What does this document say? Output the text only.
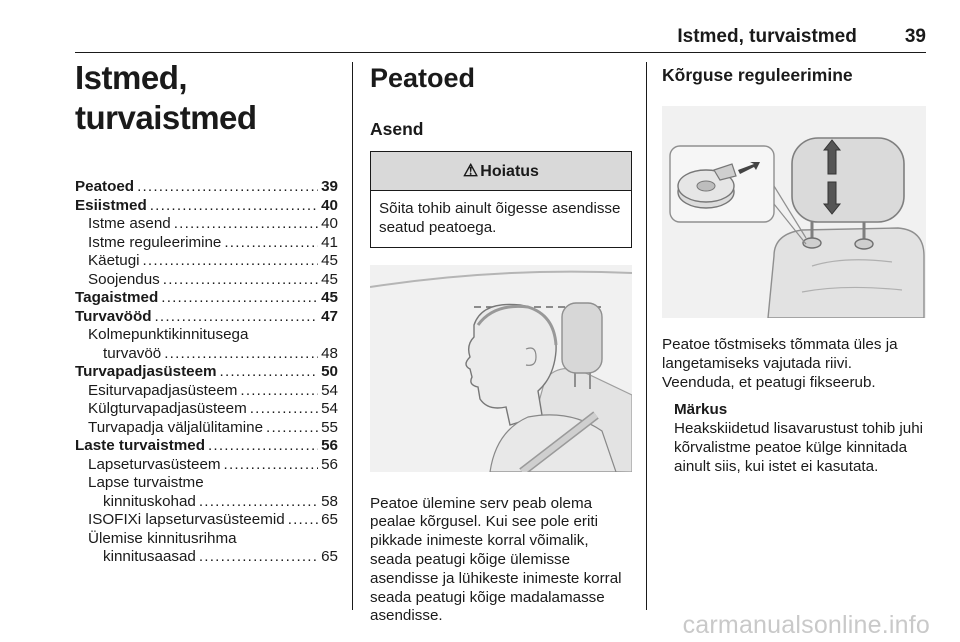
Istmed, turvaistmed	39
Istmed, turvaistmed
Peatoed .....	39
Esiistmed .....	40
Istme asend .....	40
Istme reguleerimine .....	41
Käetugi .....	45
Soojendus .....	45
Tagaistmed .....	45
Turvavööd .....	47
Kolmepunktikinnitusega
turvavöö .....	48
Turvapadjasüsteem .....	50
Esiturvapadjasüsteem .....	54
Külgturvapadjasüsteem .....	54
Turvapadja väljalülitamine .....	55
Laste turvaistmed .....	56
Lapseturvasüsteem .....	56
Lapse turvaistme
kinnituskohad .....	58
ISOFIXi lapseturvasüsteemid ..... 65
Ülemise kinnitusrihma
kinnitusaasad .....	65
Peatoed
Asend
⚠ Hoiatus
Sõita tohib ainult õigesse asendisse seatud peatoega.

Peatoe ülemine serv peab olema pealae kõrgusel. Kui see pole eriti pikkade inimeste korral võimalik, seada peatugi kõige ülemisse asendisse ja lühikeste inimeste korral seada peatugi kõige madalamasse asendisse.

Kõrguse reguleerimine

Peatoe tõstmiseks tõmmata üles ja langetamiseks vajutada riivi. Veenduda, et peatugi fikseerub.

Märkus
Heakskiidetud lisavarustust tohib juhi kõrvalistme peatoe külge kinnitada ainult siis, kui istet ei kasutata.
carmanualsonline.info
